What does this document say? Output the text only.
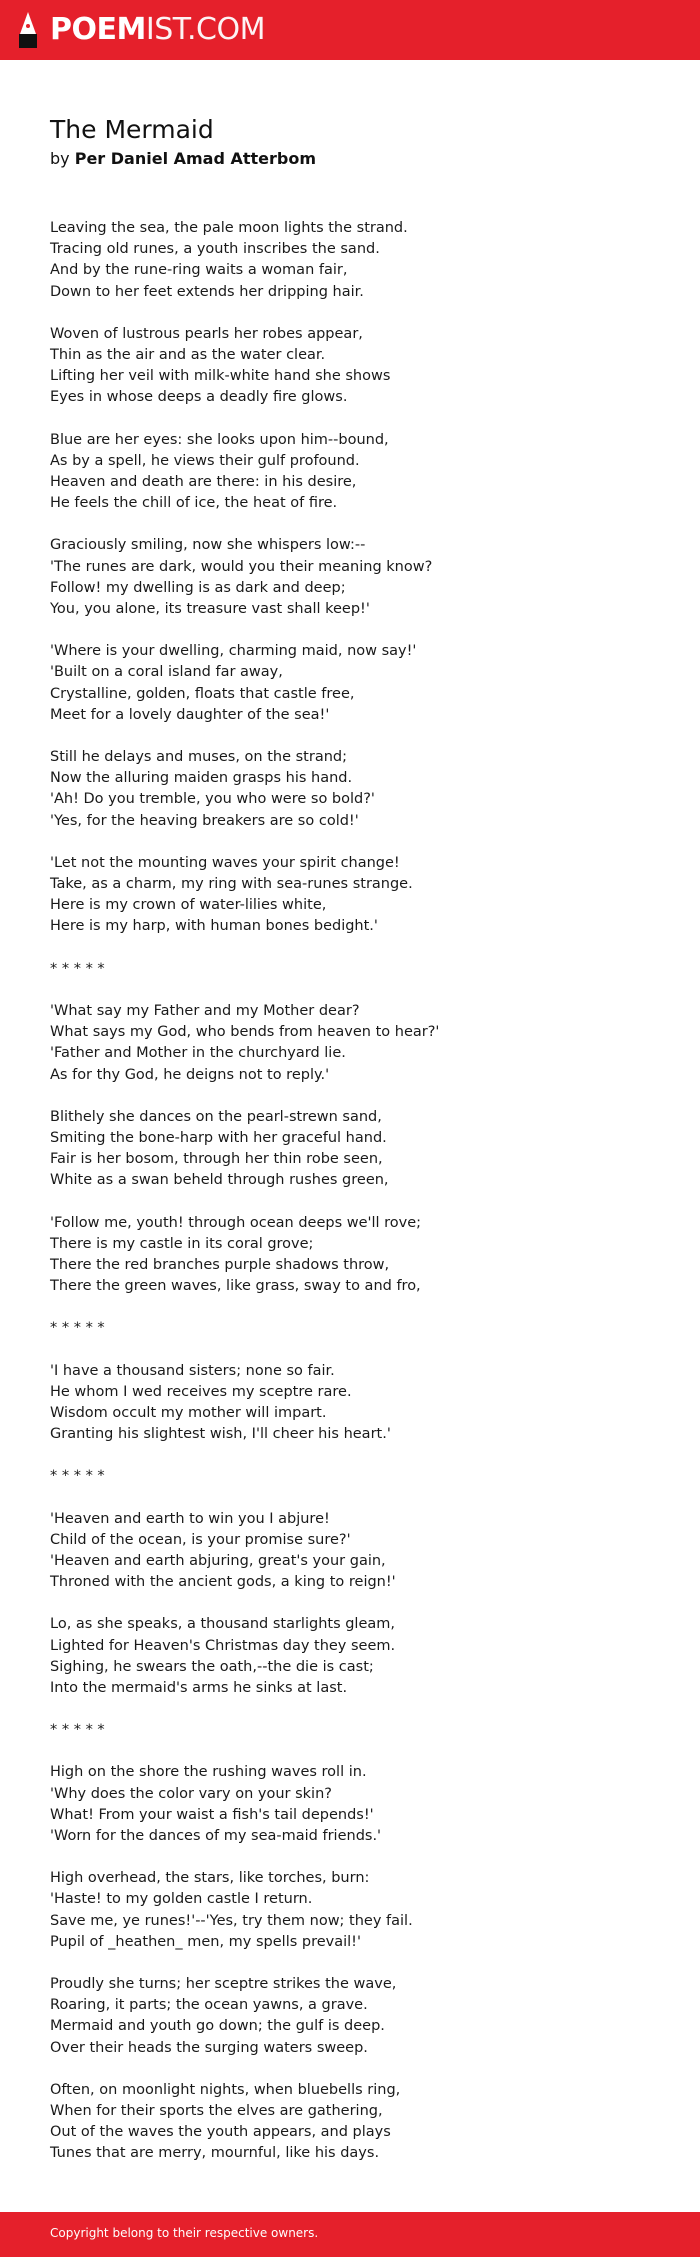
POEMIST.COM
The Mermaid
by Per Daniel Amad Atterbom
Leaving the sea, the pale moon lights the strand.
Tracing old runes, a youth inscribes the sand.
And by the rune-ring waits a woman fair,
Down to her feet extends her dripping hair.
Woven of lustrous pearls her robes appear,
Thin as the air and as the water clear.
Lifting her veil with milk-white hand she shows
Eyes in whose deeps a deadly fire glows.
Blue are her eyes: she looks upon him--bound,
As by a spell, he views their gulf profound.
Heaven and death are there: in his desire,
He feels the chill of ice, the heat of fire.
Graciously smiling, now she whispers low:--
'The runes are dark, would you their meaning know?
Follow! my dwelling is as dark and deep;
You, you alone, its treasure vast shall keep!'
'Where is your dwelling, charming maid, now say!'
'Built on a coral island far away,
Crystalline, golden, floats that castle free,
Meet for a lovely daughter of the sea!'
Still he delays and muses, on the strand;
Now the alluring maiden grasps his hand.
'Ah! Do you tremble, you who were so bold?'
'Yes, for the heaving breakers are so cold!'
'Let not the mounting waves your spirit change!
Take, as a charm, my ring with sea-runes strange.
Here is my crown of water-lilies white,
Here is my harp, with human bones bedight.'
* * * * *
'What say my Father and my Mother dear?
What says my God, who bends from heaven to hear?'
'Father and Mother in the churchyard lie.
As for thy God, he deigns not to reply.'
Blithely she dances on the pearl-strewn sand,
Smiting the bone-harp with her graceful hand.
Fair is her bosom, through her thin robe seen,
White as a swan beheld through rushes green,
'Follow me, youth! through ocean deeps we'll rove;
There is my castle in its coral grove;
There the red branches purple shadows throw,
There the green waves, like grass, sway to and fro,
* * * * *
'I have a thousand sisters; none so fair.
He whom I wed receives my sceptre rare.
Wisdom occult my mother will impart.
Granting his slightest wish, I'll cheer his heart.'
* * * * *
'Heaven and earth to win you I abjure!
Child of the ocean, is your promise sure?'
'Heaven and earth abjuring, great's your gain,
Throned with the ancient gods, a king to reign!'
Lo, as she speaks, a thousand starlights gleam,
Lighted for Heaven's Christmas day they seem.
Sighing, he swears the oath,--the die is cast;
Into the mermaid's arms he sinks at last.
* * * * *
High on the shore the rushing waves roll in.
'Why does the color vary on your skin?
What! From your waist a fish's tail depends!'
'Worn for the dances of my sea-maid friends.'
High overhead, the stars, like torches, burn:
'Haste! to my golden castle I return.
Save me, ye runes!'--'Yes, try them now; they fail.
Pupil of _heathen_ men, my spells prevail!'
Proudly she turns; her sceptre strikes the wave,
Roaring, it parts; the ocean yawns, a grave.
Mermaid and youth go down; the gulf is deep.
Over their heads the surging waters sweep.
Often, on moonlight nights, when bluebells ring,
When for their sports the elves are gathering,
Out of the waves the youth appears, and plays
Tunes that are merry, mournful, like his days.
Copyright belong to their respective owners.
